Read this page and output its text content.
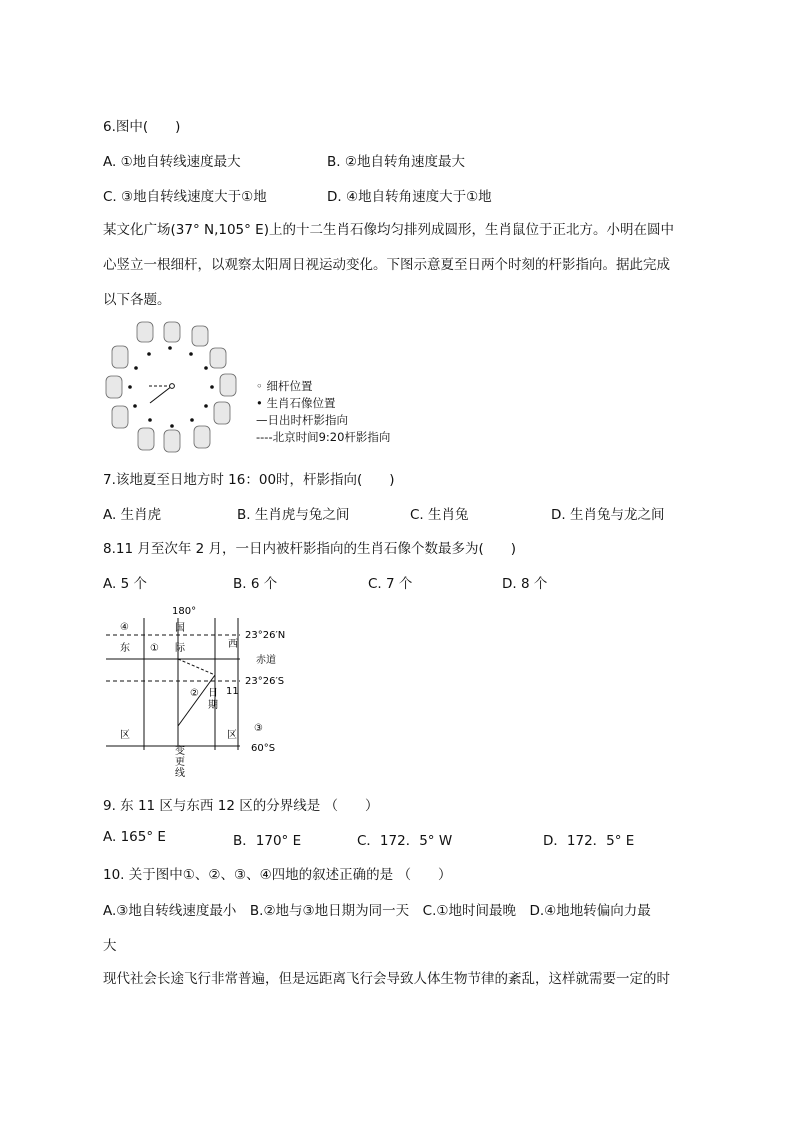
6.图中(　　)
A. ①地自转线速度最大	B. ②地自转角速度最大
C. ③地自转线速度大于①地	D. ④地自转角速度大于①地
某文化广场(37° N,105° E)上的十二生肖石像均匀排列成圆形，生肖鼠位于正北方。小明在圆中
心竖立一根细杆，以观察太阳周日视运动变化。下图示意夏至日两个时刻的杆影指向。据此完成
以下各题。
◦ 细杆位置
• 生肖石像位置
—日出时杆影指向
----北京时间9:20杆影指向
7.该地夏至日地方时 16：00时，杆影指向(　　)
A. 生肖虎	B. 生肖虎与兔之间	C. 生肖兔	D. 生肖兔与龙之间
8.11 月至次年 2 月，一日内被杆影指向的生肖石像个数最多为(　　)
A. 5 个	B. 6 个	C. 7 个	D. 8 个
180°
④
东 ①
国
际	西
23°26′N
赤道
23°26′S
② 日
期
11
区	区
③
60°S
变
更
线
9. 东 11 区与东西 12 区的分界线是 （　　）
A. 165° E	B．170° E	C．172．5° W	D．172．5° E
10. 关于图中①、②、③、④四地的叙述正确的是 （　　）
A.③地自转线速度最小　B.②地与③地日期为同一天　C.①地时间最晚　D.④地地转偏向力最
大
现代社会长途飞行非常普遍，但是远距离飞行会导致人体生物节律的紊乱，这样就需要一定的时
